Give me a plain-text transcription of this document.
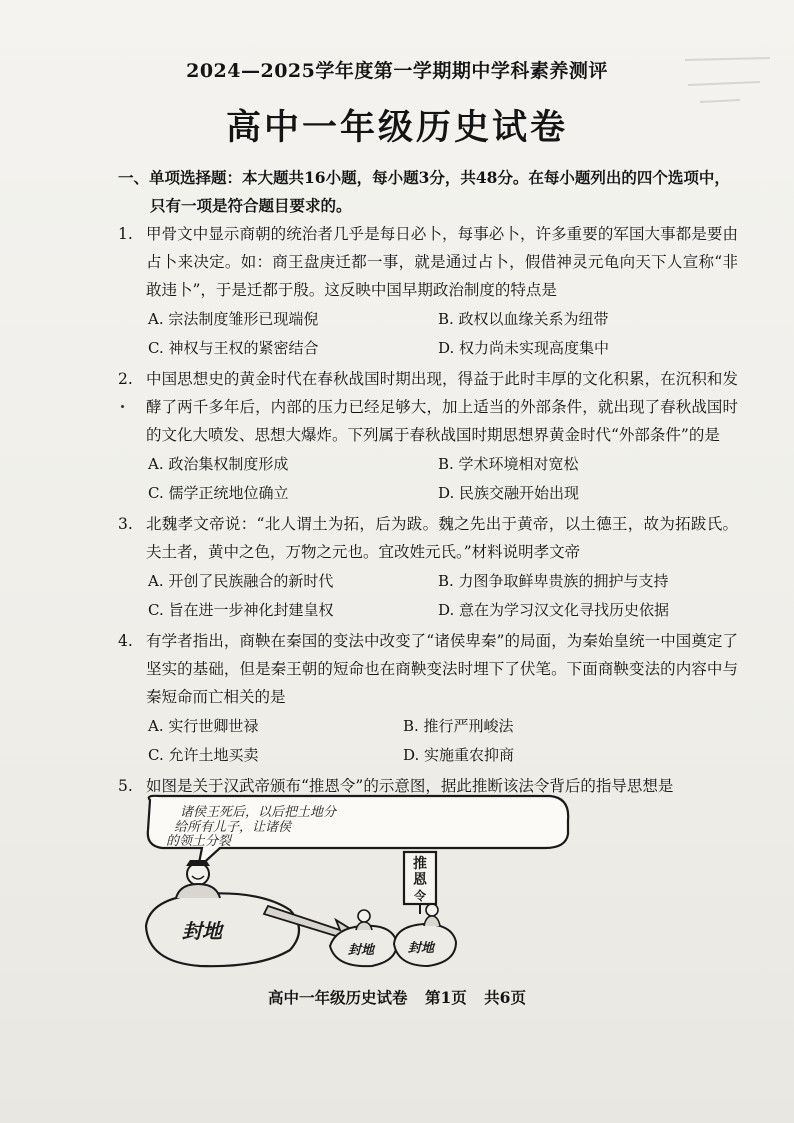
2024—2025学年度第一学期期中学科素养测评
高中一年级历史试卷
一、单项选择题：本大题共16小题，每小题3分，共48分。在每小题列出的四个选项中，
只有一项是符合题目要求的。
1. 甲骨文中显示商朝的统治者几乎是每日必卜，每事必卜，许多重要的军国大事都是要由占卜来决定。如：商王盘庚迁都一事，就是通过占卜，假借神灵元龟向天下人宣称“非敢违卜”，于是迁都于殷。这反映中国早期政治制度的特点是
A. 宗法制度雏形已现端倪	B. 政权以血缘关系为纽带
C. 神权与王权的紧密结合	D. 权力尚未实现高度集中
2. 中国思想史的黄金时代在春秋战国时期出现，得益于此时丰厚的文化积累，在沉积和发酵了两千多年后，内部的压力已经足够大，加上适当的外部条件，就出现了春秋战国时的文化大喷发、思想大爆炸。下列属于春秋战国时期思想界黄金时代“外部条件”的是
A. 政治集权制度形成	B. 学术环境相对宽松
C. 儒学正统地位确立	D. 民族交融开始出现
3. 北魏孝文帝说：“北人谓土为拓，后为跋。魏之先出于黄帝，以土德王，故为拓跋氏。夫土者，黄中之色，万物之元也。宜改姓元氏。”材料说明孝文帝
A. 开创了民族融合的新时代	B. 力图争取鲜卑贵族的拥护与支持
C. 旨在进一步神化封建皇权	D. 意在为学习汉文化寻找历史依据
4. 有学者指出，商鞅在秦国的变法中改变了“诸侯卑秦”的局面，为秦始皇统一中国奠定了坚实的基础，但是秦王朝的短命也在商鞅变法时埋下了伏笔。下面商鞅变法的内容中与秦短命而亡相关的是
A. 实行世卿世禄	B. 推行严刑峻法
C. 允许土地买卖	D. 实施重农抑商
5. 如图是关于汉武帝颁布“推恩令”的示意图，据此推断该法令背后的指导思想是
诸侯王死后，以后把土地分
给所有儿子，让诸侯
的领土分裂
封地
封地	封地
推
恩
令
高中一年级历史试卷 第1页 共6页
